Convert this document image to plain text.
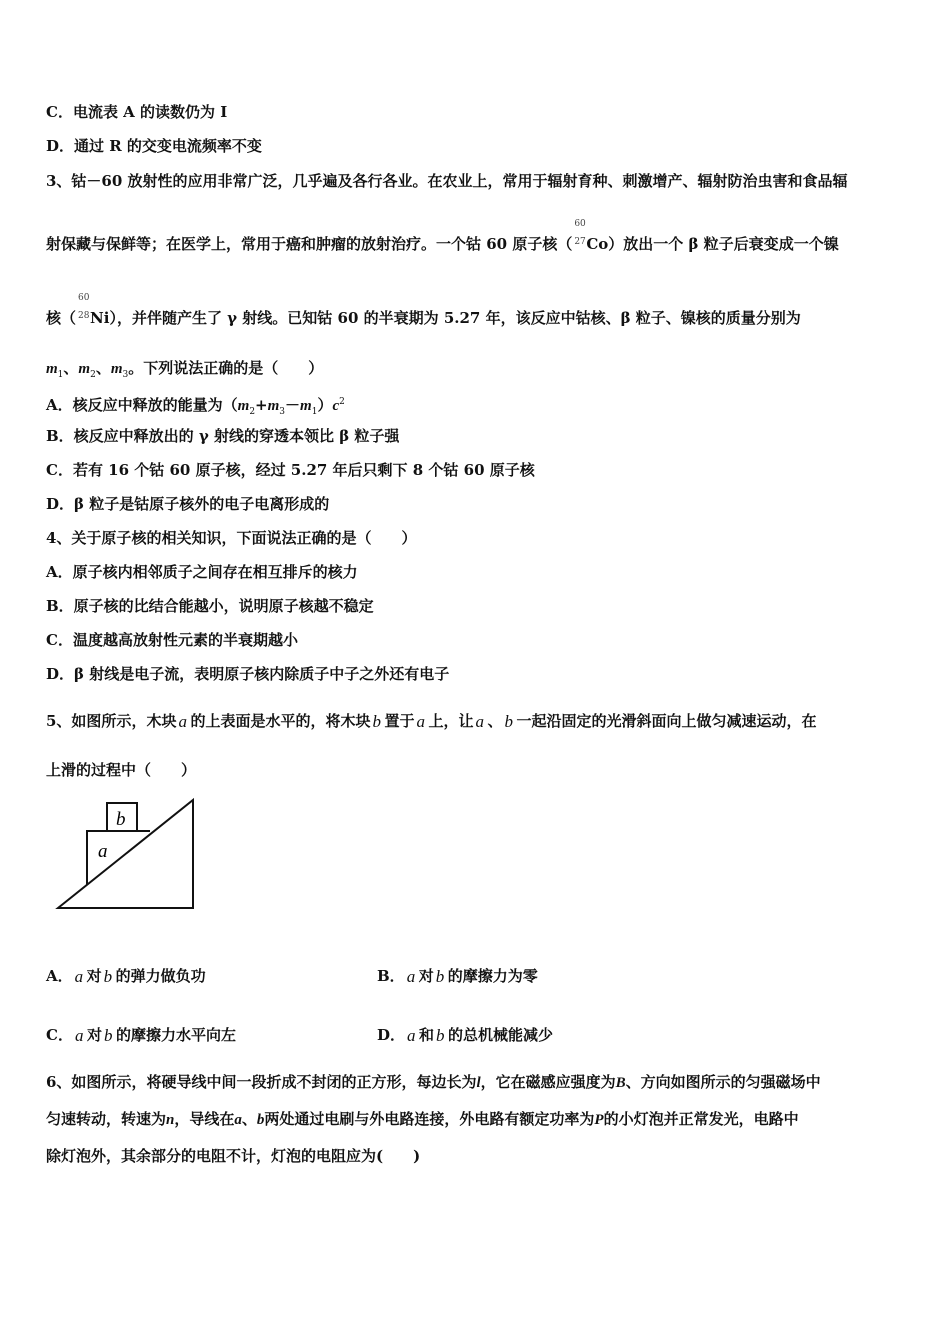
C．电流表 A 的读数仍为 I
D．通过 R 的交变电流频率不变
3、钴－60 放射性的应用非常广泛，几乎遍及各行各业。在农业上，常用于辐射育种、刺激增产、辐射防治虫害和食品辐
射保藏与保鲜等；在医学上，常用于癌和肿瘤的放射治疗。一个钴 60 原子核（
60
27 Co）放出一个 β 粒子后衰变成一个镍
核（
60
28 Ni），并伴随产生了 γ 射线。已知钴 60 的半衰期为 5.27 年，该反应中钴核、β 粒子、镍核的质量分别为
$m_1$、$m_2$、$m_3$。下列说法正确的是（　　）
A．核反应中释放的能量为$(m_2+m_3-m_1)c^2$
B．核反应中释放出的 γ 射线的穿透本领比 β 粒子强
C．若有 16 个钴 60 原子核，经过 5.27 年后只剩下 8 个钴 60 原子核
D．β 粒子是钴原子核外的电子电离形成的
4、关于原子核的相关知识，下面说法正确的是（　　）
A．原子核内相邻质子之间存在相互排斥的核力
B．原子核的比结合能越小，说明原子核越不稳定
C．温度越高放射性元素的半衰期越小
D．β 射线是电子流，表明原子核内除质子中子之外还有电子
5、如图所示，木块 a 的上表面是水平的，将木块 b 置于 a 上，让 a 、 b 一起沿固定的光滑斜面向上做匀减速运动，在
上滑的过程中（　　）
a
b
A． a 对 b 的弹力做负功	B． a 对 b 的摩擦力为零
C． a 对 b 的摩擦力水平向左	D． a 和 b 的总机械能减少
6、如图所示，将硬导线中间一段折成不封闭的正方形，每边长为l，它在磁感应强度为B、方向如图所示的匀强磁场中
匀速转动，转速为n，导线在a、b两处通过电刷与外电路连接，外电路有额定功率为P的小灯泡并正常发光，电路中
除灯泡外，其余部分的电阻不计，灯泡的电阻应为(　　)
